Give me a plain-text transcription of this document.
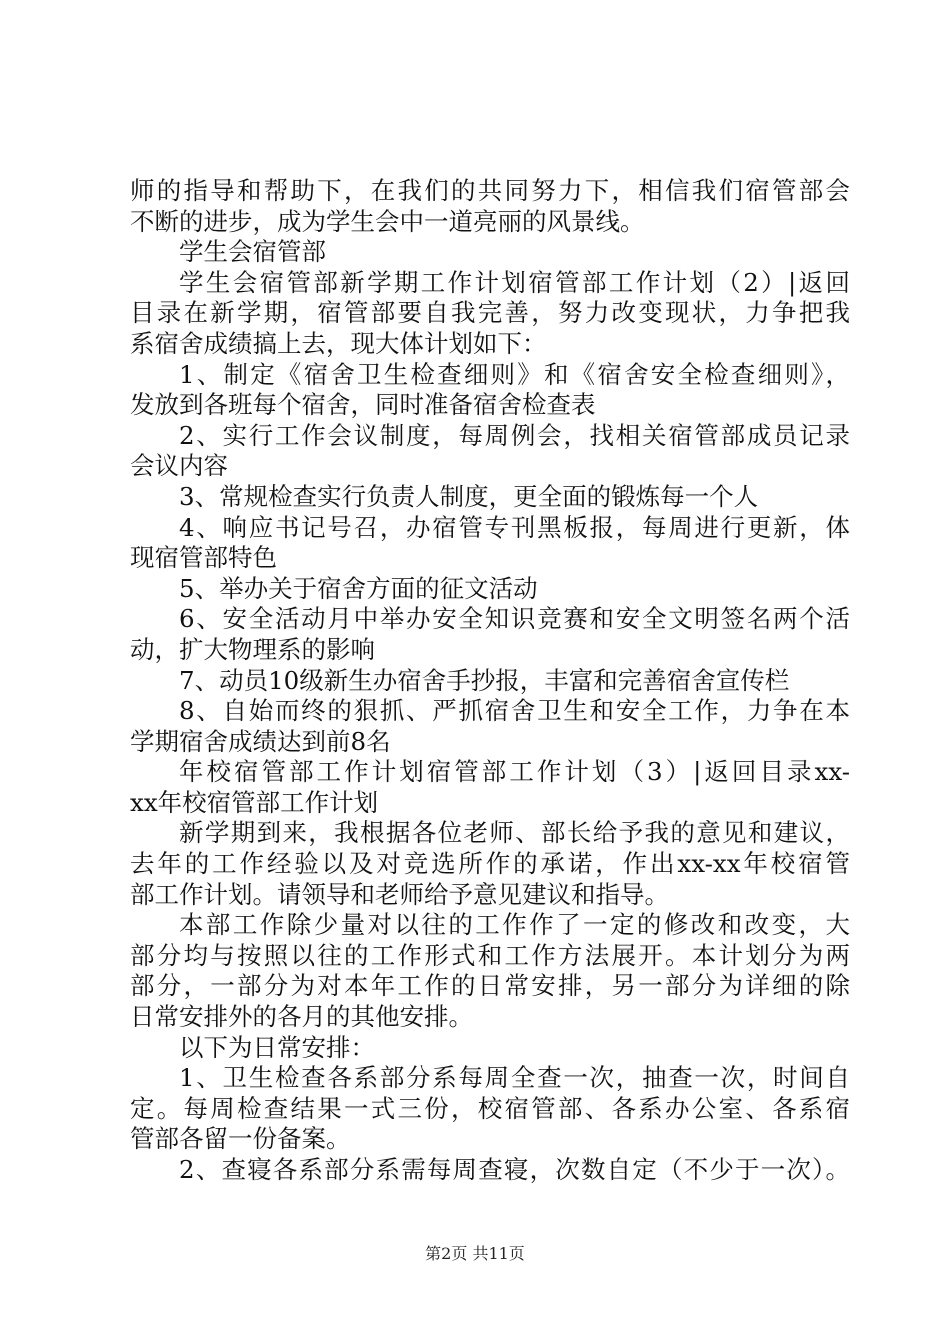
师的指导和帮助下，在我们的共同努力下，相信我们宿管部会
不断的进步，成为学生会中一道亮丽的风景线。
学生会宿管部
学生会宿管部新学期工作计划宿管部工作计划（2）|返回
目录在新学期，宿管部要自我完善，努力改变现状，力争把我
系宿舍成绩搞上去，现大体计划如下：
1、制定《宿舍卫生检查细则》和《宿舍安全检查细则》，
发放到各班每个宿舍，同时准备宿舍检查表
2、实行工作会议制度，每周例会，找相关宿管部成员记录
会议内容
3、常规检查实行负责人制度，更全面的锻炼每一个人
4、响应书记号召，办宿管专刊黑板报，每周进行更新，体
现宿管部特色
5、举办关于宿舍方面的征文活动
6、安全活动月中举办安全知识竞赛和安全文明签名两个活
动，扩大物理系的影响
7、动员10级新生办宿舍手抄报，丰富和完善宿舍宣传栏
8、自始而终的狠抓、严抓宿舍卫生和安全工作，力争在本
学期宿舍成绩达到前8名
年校宿管部工作计划宿管部工作计划（3）|返回目录xx-
xx年校宿管部工作计划
新学期到来，我根据各位老师、部长给予我的意见和建议，
去年的工作经验以及对竞选所作的承诺，作出xx-xx年校宿管
部工作计划。请领导和老师给予意见建议和指导。
本部工作除少量对以往的工作作了一定的修改和改变，大
部分均与按照以往的工作形式和工作方法展开。本计划分为两
部分，一部分为对本年工作的日常安排，另一部分为详细的除
日常安排外的各月的其他安排。
以下为日常安排：
1、卫生检查各系部分系每周全查一次，抽查一次，时间自
定。每周检查结果一式三份，校宿管部、各系办公室、各系宿
管部各留一份备案。
2、查寝各系部分系需每周查寝，次数自定（不少于一次）。
第2页 共11页
